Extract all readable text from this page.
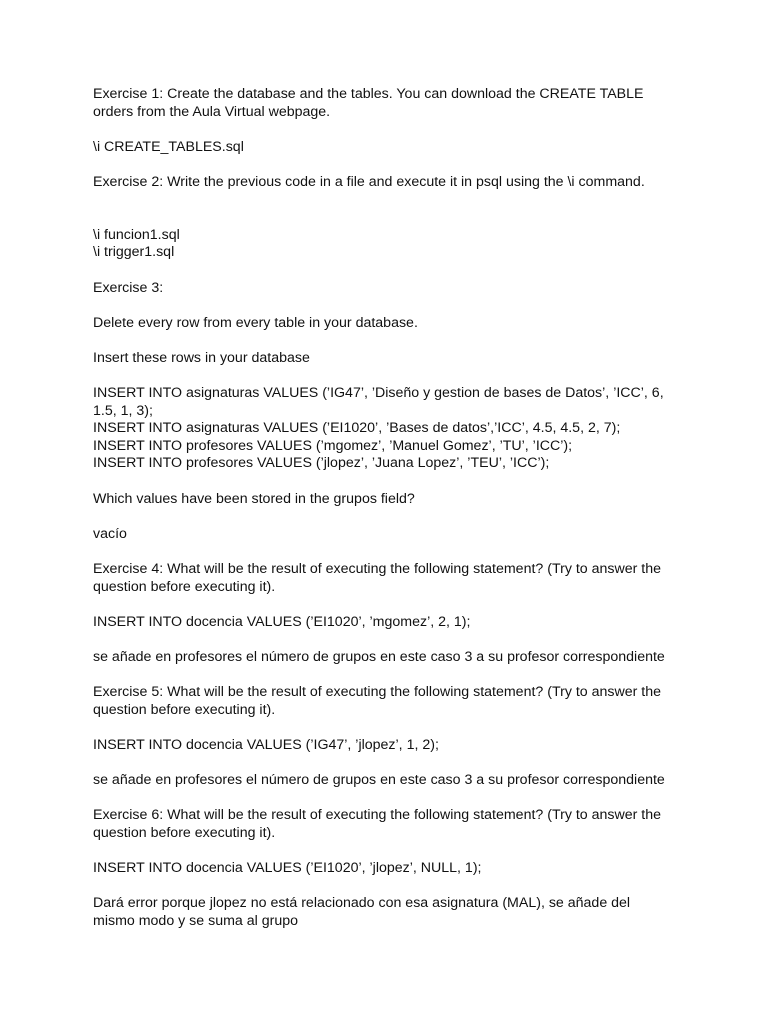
Exercise 1: Create the database and the tables. You can download the CREATE TABLE
orders from the Aula Virtual webpage.

\i CREATE_TABLES.sql

Exercise 2: Write the previous code in a file and execute it in psql using the \i command.

\i funcion1.sql
\i trigger1.sql

Exercise 3:

Delete every row from every table in your database.

Insert these rows in your database

INSERT INTO asignaturas VALUES (’IG47’, ’Diseño y gestion de bases de Datos’, ’ICC’, 6,
1.5, 1, 3);
INSERT INTO asignaturas VALUES (’EI1020’, ’Bases de datos’,’ICC’, 4.5, 4.5, 2, 7);
INSERT INTO profesores VALUES (’mgomez’, ’Manuel Gomez’, ’TU’, ’ICC’);
INSERT INTO profesores VALUES (’jlopez’, ’Juana Lopez’, ’TEU’, ’ICC’);

Which values have been stored in the grupos field?

vacío

Exercise 4: What will be the result of executing the following statement? (Try to answer the
question before executing it).

INSERT INTO docencia VALUES (’EI1020’, ’mgomez’, 2, 1);

se añade en profesores el número de grupos en este caso 3 a su profesor correspondiente

Exercise 5: What will be the result of executing the following statement? (Try to answer the
question before executing it).

INSERT INTO docencia VALUES (’IG47’, ’jlopez’, 1, 2);

se añade en profesores el número de grupos en este caso 3 a su profesor correspondiente

Exercise 6: What will be the result of executing the following statement? (Try to answer the
question before executing it).

INSERT INTO docencia VALUES (’EI1020’, ’jlopez’, NULL, 1);

Dará error porque jlopez no está relacionado con esa asignatura (MAL), se añade del
mismo modo y se suma al grupo
